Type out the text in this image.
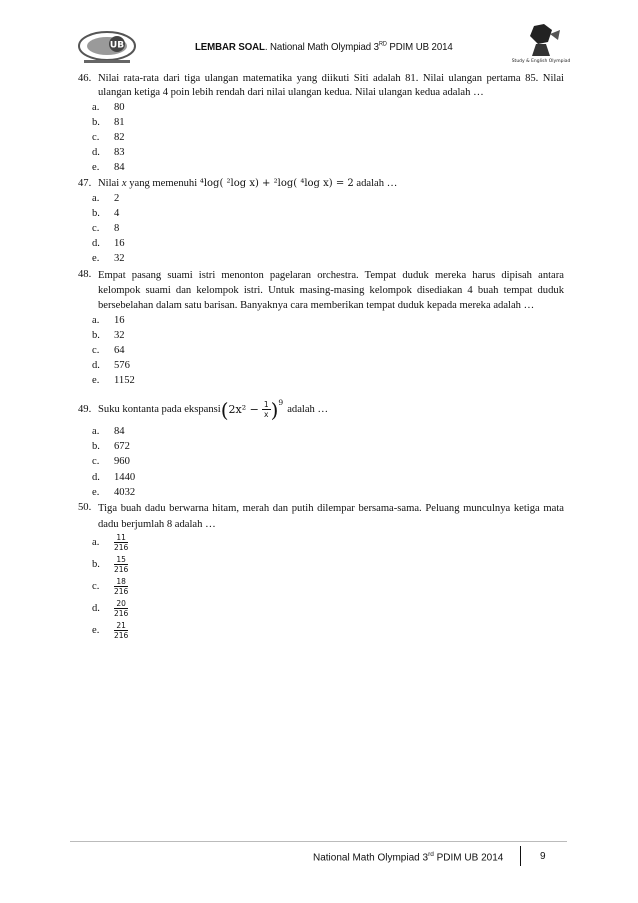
UB	LEMBAR SOAL. National Math Olympiad 3RD PDIM UB 2014
Study & English Olympiad
46. Nilai rata-rata dari tiga ulangan matematika yang diikuti Siti adalah 81. Nilai ulangan pertama 85. Nilai ulangan ketiga 4 poin lebih rendah dari nilai ulangan kedua. Nilai ulangan kedua adalah …
a.	80
b.	81
c.	82
d.	83
e.	84
47. Nilai x yang memenuhi ⁴log( ²log x) + ²log( ⁴log x) = 2 adalah …
a.	2
b.	4
c.	8
d.	16
e.	32
48. Empat pasang suami istri menonton pagelaran orchestra. Tempat duduk mereka harus dipisah antara kelompok suami dan kelompok istri. Untuk masing-masing kelompok disediakan 4 buah tempat duduk bersebelahan dalam satu barisan. Banyaknya cara memberikan tempat duduk kepada mereka adalah …
a.	16
b.	32
c.	64
d.	576
e.	1152
49. Suku kontanta pada ekspansi ( $2x^2 - \frac{1}{x}$ ) 9
adalah …
a.	84
b.	672
c.	960
d.	1440
e.	4032
50. Tiga buah dadu berwarna hitam, merah dan putih dilempar bersama-sama. Peluang munculnya ketiga mata dadu berjumlah 8 adalah …
a.	$\frac{11}{216}$
b.	$\frac{15}{216}$
c.	$\frac{18}{216}$
d.	$\frac{20}{216}$
e.	$\frac{21}{216}$
National Math Olympiad 3rd PDIM UB 2014	9
